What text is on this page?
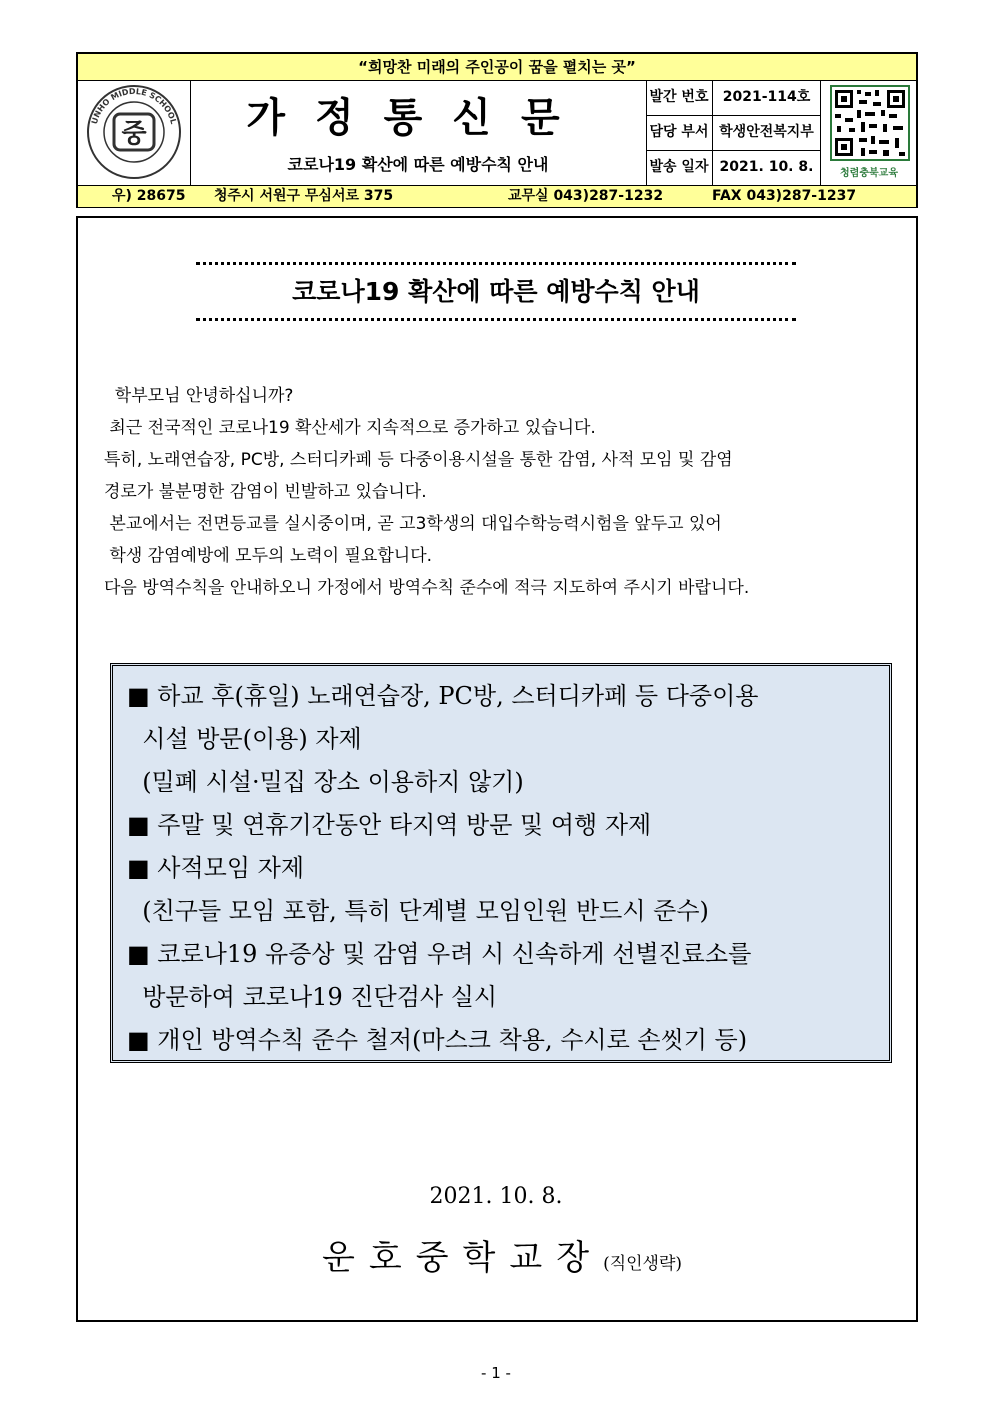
“희망찬 미래의 주인공이 꿈을 펼치는 곳”
UNHO MIDDLE SCHOOL
중	가정통신문
코로나19 확산에 따른 예방수칙 안내
발간 번호	2021-114호
담당 부서 학생안전복지부
발송 일자 2021. 10. 8.	청렴충북교육
우) 28675 청주시 서원구 무심서로 375	교무실 043)287-1232	FAX 043)287-1237
코로나19 확산에 따른 예방수칙 안내
학부모님 안녕하십니까?
최근 전국적인 코로나19 확산세가 지속적으로 증가하고 있습니다.
특히, 노래연습장, PC방, 스터디카페 등 다중이용시설을 통한 감염, 사적 모임 및 감염
경로가 불분명한 감염이 빈발하고 있습니다.
본교에서는 전면등교를 실시중이며, 곧 고3학생의 대입수학능력시험을 앞두고 있어
학생 감염예방에 모두의 노력이 필요합니다.
다음 방역수칙을 안내하오니 가정에서 방역수칙 준수에 적극 지도하여 주시기 바랍니다.
■ 하교 후(휴일) 노래연습장, PC방, 스터디카페 등 다중이용
시설 방문(이용) 자제
(밀폐 시설·밀집 장소 이용하지 않기)
■ 주말 및 연휴기간동안 타지역 방문 및 여행 자제
■ 사적모임 자제
(친구들 모임 포함, 특히 단계별 모임인원 반드시 준수)
■ 코로나19 유증상 및 감염 우려 시 신속하게 선별진료소를
방문하여 코로나19 진단검사 실시
■ 개인 방역수칙 준수 철저(마스크 착용, 수시로 손씻기 등)
2021. 10. 8.
운호중학교장(직인생략)
- 1 -
